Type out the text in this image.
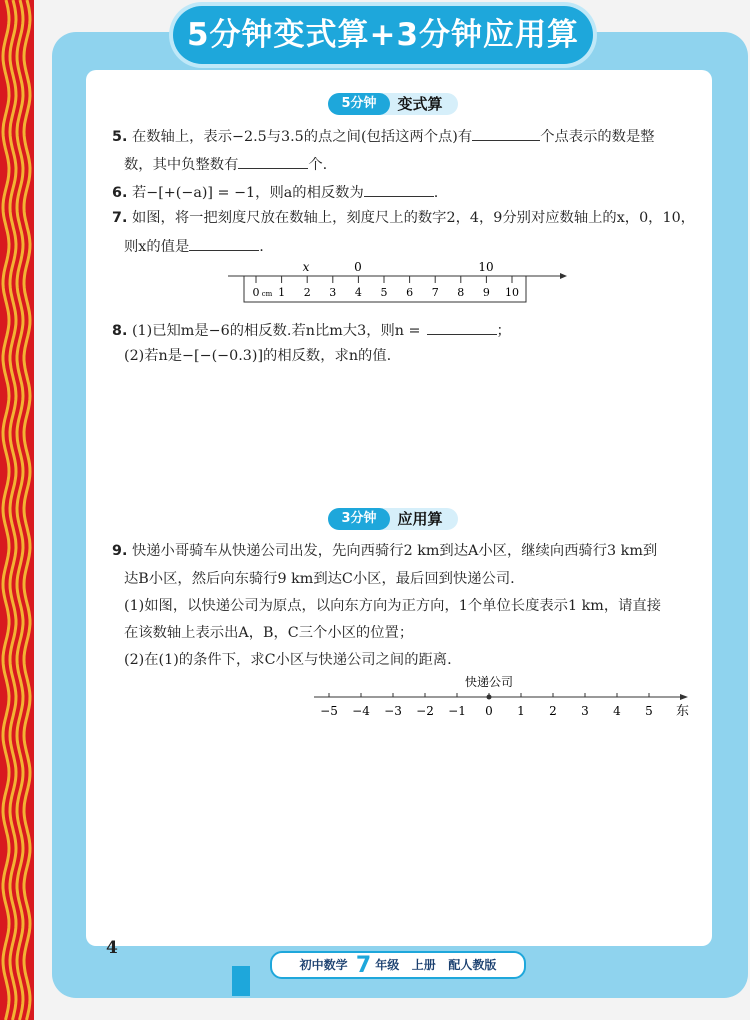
5分钟变式算+3分钟应用算
变式算
5分钟
5. 在数轴上，表示−2.5与3.5的点之间(包括这两个点)有	个点表示的数是整
数，其中负整数有	个.
6. 若−[+(−a)] = −1，则a的相反数为	.
7. 如图，将一把刻度尺放在数轴上，刻度尺上的数字2，4，9分别对应数轴上的x，0，10，
则x的值是	.
0 cm 1 2 3 4 5 6 7 8 9 10
x	0	10
8. (1)已知m是−6的相反数.若n比m大3，则n =	；
(2)若n是−[−(−0.3)]的相反数，求n的值.
应用算
3分钟
9. 快递小哥骑车从快递公司出发，先向西骑行2 km到达A小区，继续向西骑行3 km到
达B小区，然后向东骑行9 km到达C小区，最后回到快递公司.
(1)如图，以快递公司为原点，以向东方向为正方向，1个单位长度表示1 km，请直接
在该数轴上表示出A，B，C三个小区的位置；
(2)在(1)的条件下，求C小区与快递公司之间的距离.
快递公司
−5 −4 −3 −2 −1 0 1 2 3 4 5 东
4
初中数学 7 年级 上册 配人教版
